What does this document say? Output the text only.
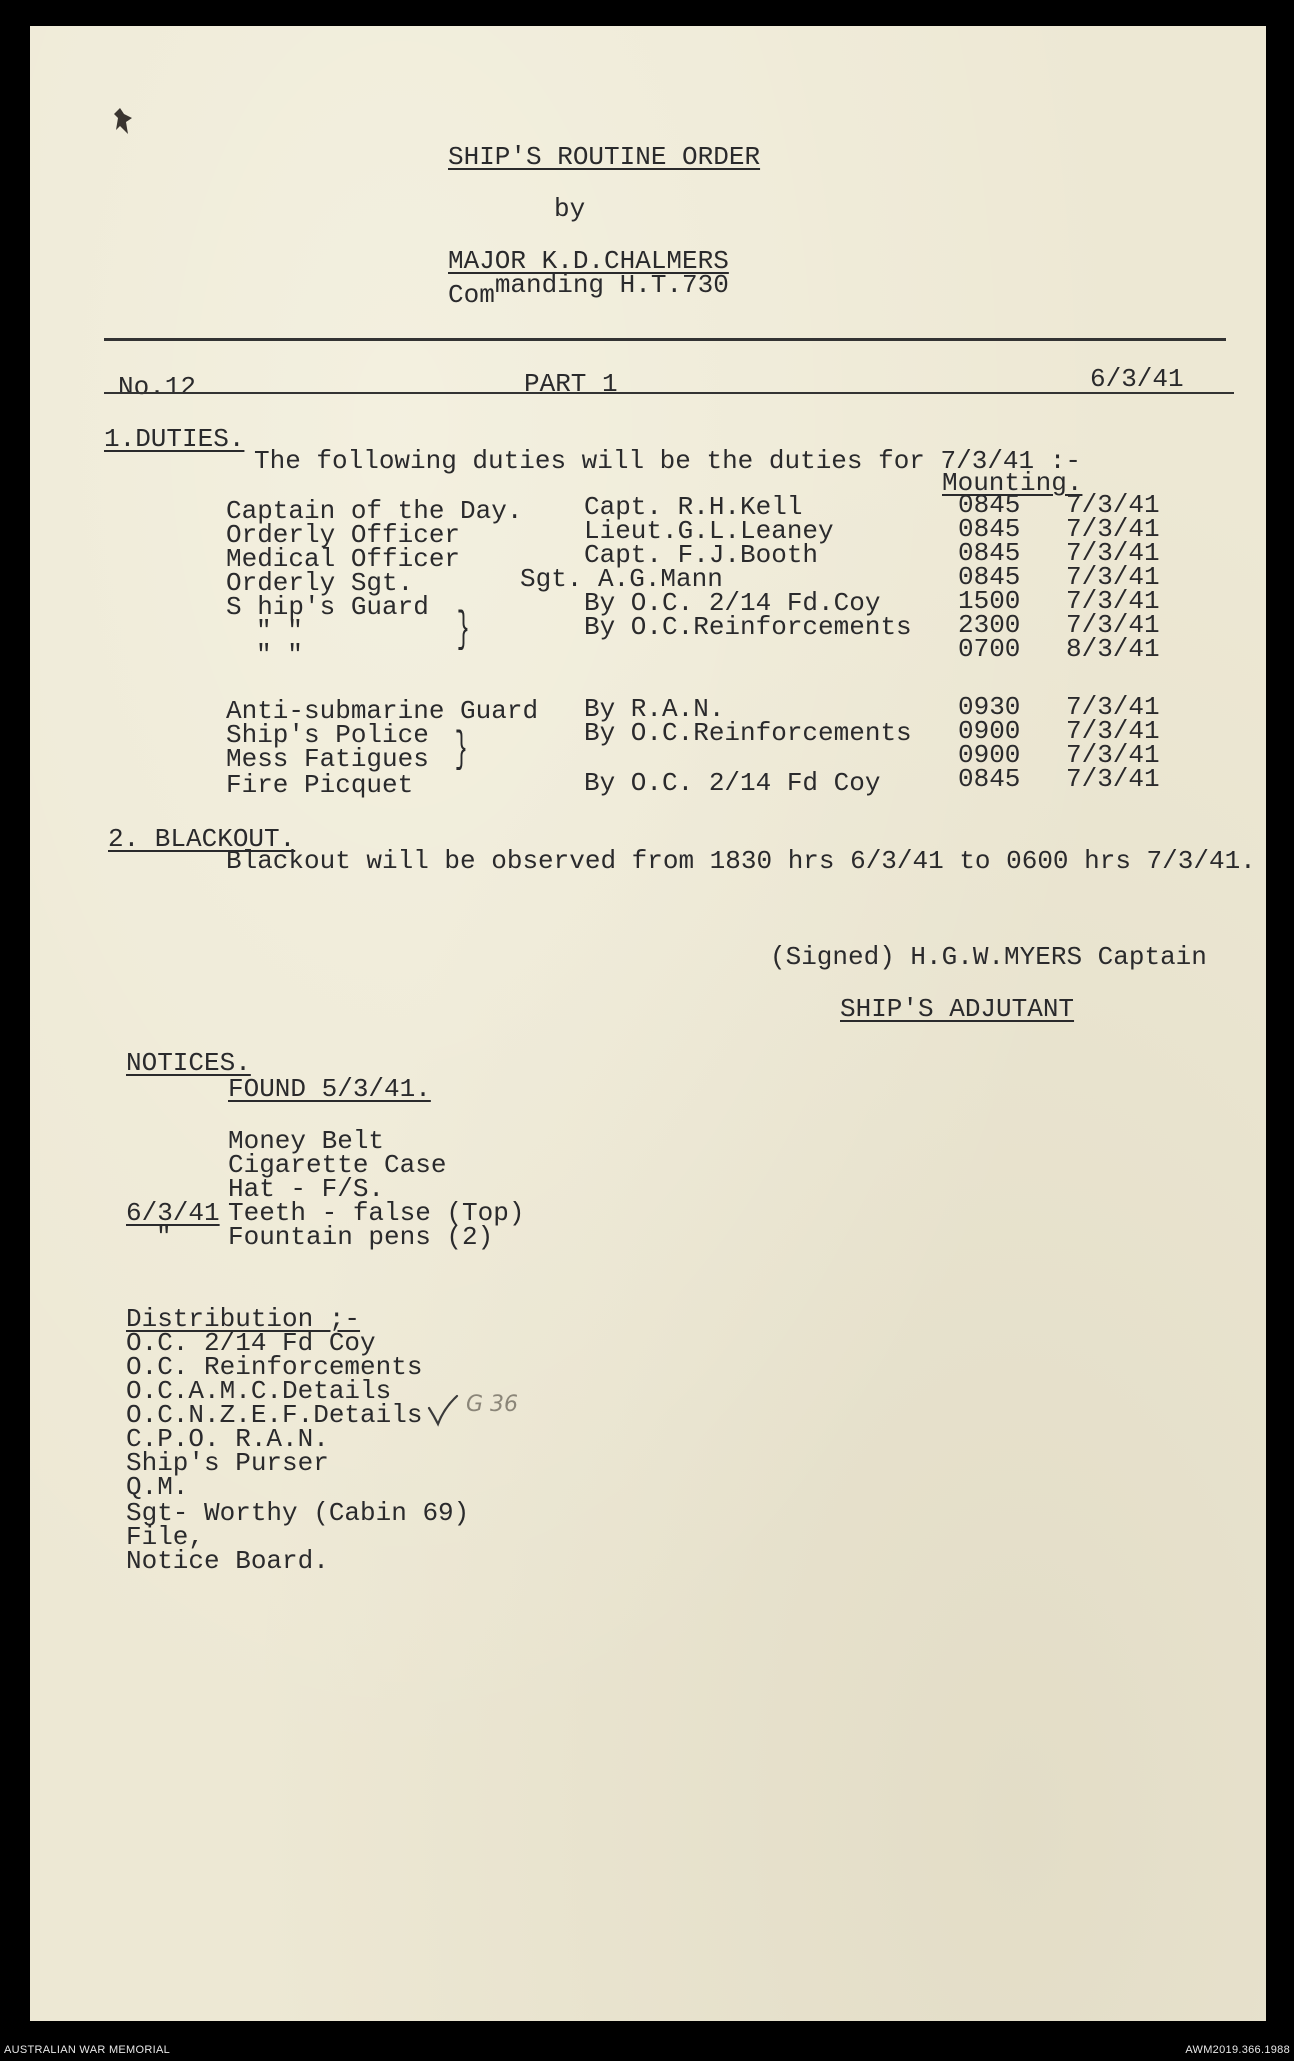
SHIP'S ROUTINE ORDER
by
MAJOR K.D.CHALMERS
Commanding H.T.730
No.12	PART 1	6/3/41
1.DUTIES.
The following duties will be the duties for 7/3/41 :-
Mounting.
Captain of the Day. Capt. R.H.Kell	0845 7/3/41
Orderly Officer	Lieut.G.L.Leaney	0845 7/3/41
Medical Officer	Capt. F.J.Booth	0845 7/3/41
Orderly Sgt.	Sgt. A.G.Mann	0845 7/3/41
S hip's Guard	By O.C. 2/14 Fd.Coy	1500 7/3/41
" "	By O.C.Reinforcements 2300 7/3/41
" "	0700 8/3/41
}
Anti-submarine Guard By R.A.N.	0930 7/3/41
Ship's Police	By O.C.Reinforcements 0900 7/3/41
Mess Fatigues	0900 7/3/41
Fire Picquet	By O.C. 2/14 Fd Coy	0845 7/3/41
}
2. BLACKOUT.
Blackout will be observed from 1830 hrs 6/3/41 to 0600 hrs 7/3/41.
(Signed) H.G.W.MYERS Captain
SHIP'S ADJUTANT
NOTICES.
FOUND 5/3/41.
Money Belt
Cigarette Case
Hat - F/S.
6/3/41 Teeth - false (Top)
" Fountain pens (2)
Distribution ;-
O.C. 2/14 Fd Coy
O.C. Reinforcements
O.C.A.M.C.Details
O.C.N.Z.E.F.Details
C.P.O. R.A.N.
Ship's Purser
Q.M.
Sgt- Worthy (Cabin 69)
File,
Notice Board.
G 36
AUSTRALIAN WAR MEMORIAL	AWM2019.366.1988
